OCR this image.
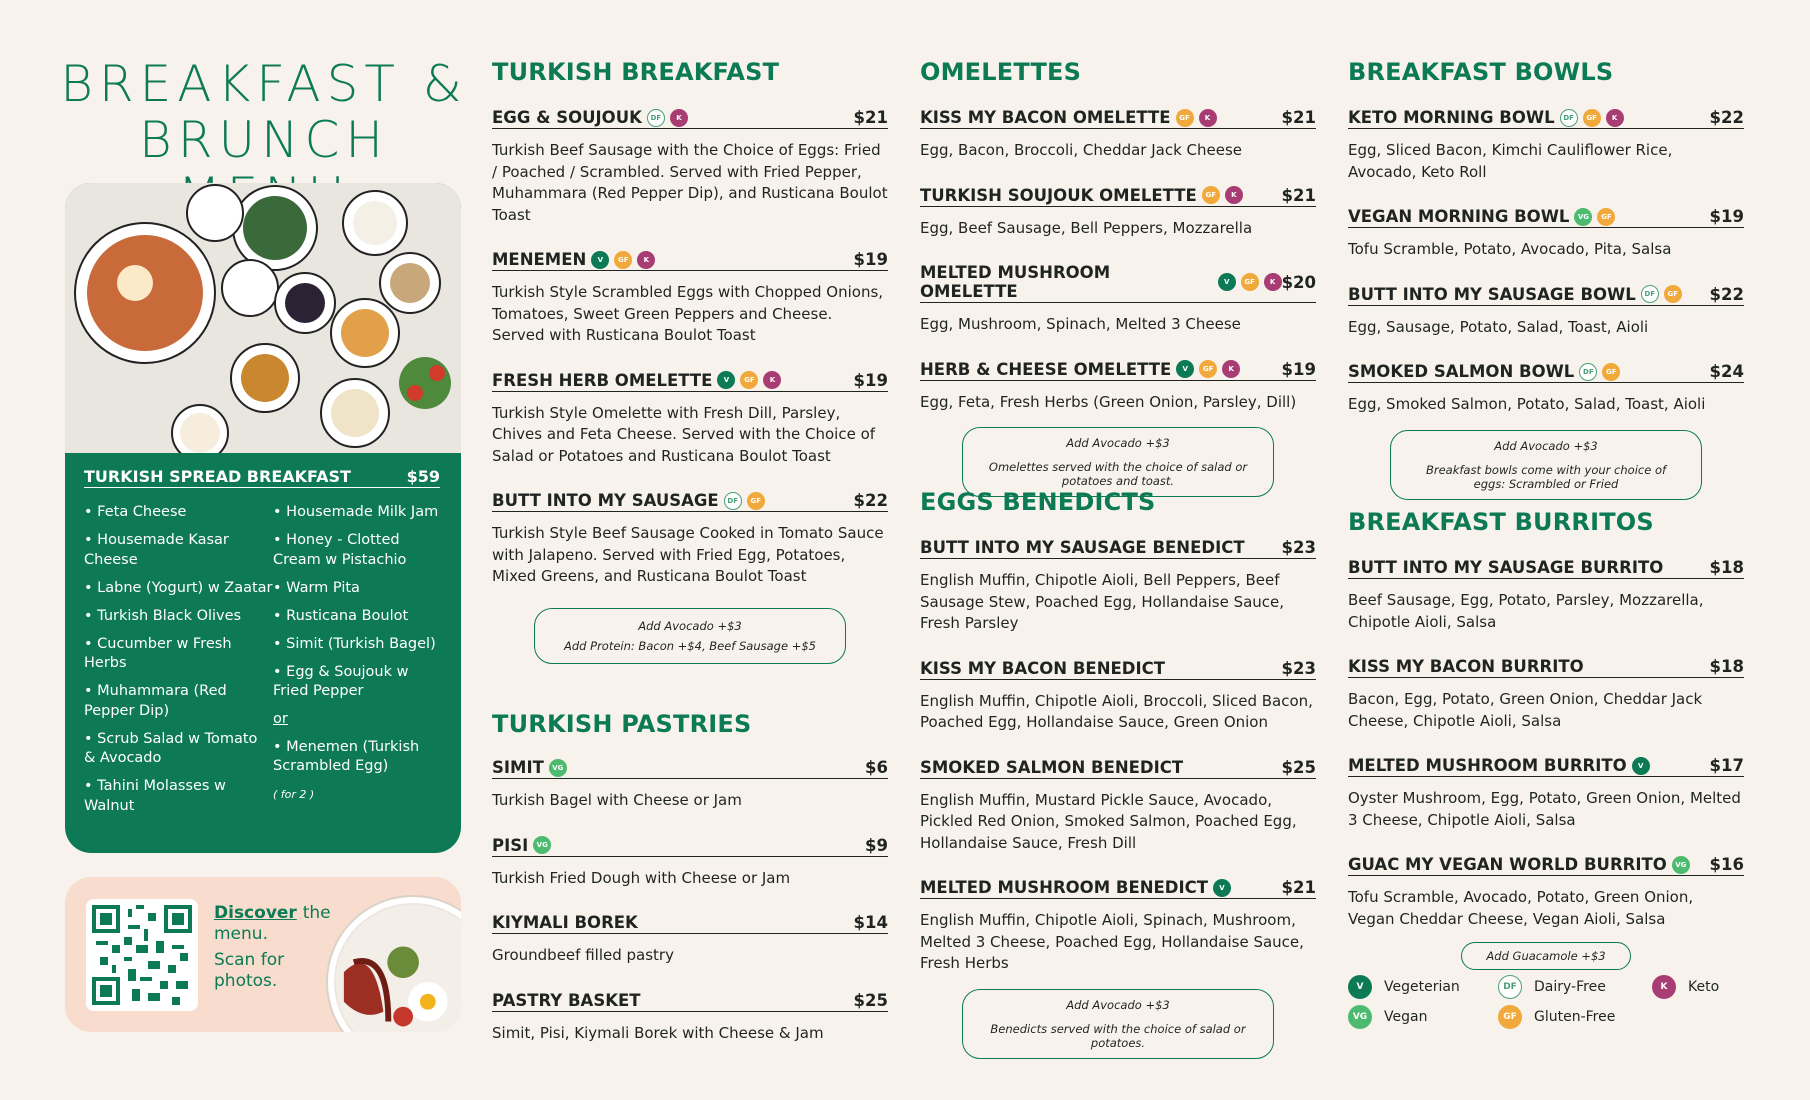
BREAKFAST &
BRUNCH
TURKISH SPREAD BREAKFAST	$59
• Feta Cheese
• Housemade Kasar Cheese
• Labne (Yogurt) w Zaatar
• Turkish Black Olives
• Cucumber w Fresh Herbs
• Muhammara (Red Pepper Dip)
• Scrub Salad w Tomato & Avocado
• Tahini Molasses w Walnut
• Housemade Milk Jam
• Honey - Clotted Cream w Pistachio
• Warm Pita
• Rusticana Boulot
• Simit (Turkish Bagel)
• Egg & Soujouk w Fried Pepper
or
• Menemen (Turkish Scrambled Egg)
( for 2 )
Discover the
menu.
Scan for photos.
TURKISH BREAKFAST
EGG & SOUJOUK	DF	K	$21
Turkish Beef Sausage with the Choice of Eggs: Fried / Poached / Scrambled. Served with Fried Pepper, Muhammara (Red Pepper Dip), and Rusticana Boulot Toast
MENEMEN	V	GF	K	$19
Turkish Style Scrambled Eggs with Chopped Onions, Tomatoes, Sweet Green Peppers and Cheese. Served with Rusticana Boulot Toast
FRESH HERB OMELETTE	V	GF	K	$19
Turkish Style Omelette with Fresh Dill, Parsley, Chives and Feta Cheese. Served with the Choice of Salad or Potatoes and Rusticana Boulot Toast
BUTT INTO MY SAUSAGE	DF	GF	$22
Turkish Style Beef Sausage Cooked in Tomato Sauce with Jalapeno. Served with Fried Egg, Potatoes, Mixed Greens, and Rusticana Boulot Toast
Add Avocado +$3
Add Protein: Bacon +$4, Beef Sausage +$5
TURKISH PASTRIES
SIMIT	VG	$6
Turkish Bagel with Cheese or Jam
PISI	VG	$9
Turkish Fried Dough with Cheese or Jam
KIYMALI BOREK	$14
Groundbeef filled pastry
PASTRY BASKET	$25
Simit, Pisi, Kiymali Borek with Cheese & Jam
OMELETTES
KISS MY BACON OMELETTE	GF	K	$21
Egg, Bacon, Broccoli, Cheddar Jack Cheese
TURKISH SOUJOUK OMELETTE	GF	K	$21
Egg, Beef Sausage, Bell Peppers, Mozzarella
MELTED MUSHROOM OMELETTE	V	GF	K $20
Egg, Mushroom, Spinach, Melted 3 Cheese
HERB & CHEESE OMELETTE	V	GF	K	$19
Egg, Feta, Fresh Herbs (Green Onion, Parsley, Dill)
Add Avocado +$3
Omelettes served with the choice of salad or potatoes and toast.
EGGS BENEDICTS
BUTT INTO MY SAUSAGE BENEDICT $23
English Muffin, Chipotle Aioli, Bell Peppers, Beef Sausage Stew, Poached Egg, Hollandaise Sauce, Fresh Parsley
KISS MY BACON BENEDICT	$23
English Muffin, Chipotle Aioli, Broccoli, Sliced Bacon, Poached Egg, Hollandaise Sauce, Green Onion
SMOKED SALMON BENEDICT	$25
English Muffin, Mustard Pickle Sauce, Avocado, Pickled Red Onion, Smoked Salmon, Poached Egg, Hollandaise Sauce, Fresh Dill
MELTED MUSHROOM BENEDICT	V	$21
English Muffin, Chipotle Aioli, Spinach, Mushroom, Melted 3 Cheese, Poached Egg, Hollandaise Sauce, Fresh Herbs
Add Avocado +$3
Benedicts served with the choice of salad or potatoes.
BREAKFAST BOWLS
KETO MORNING BOWL	DF	GF	K	$22
Egg, Sliced Bacon, Kimchi Cauliflower Rice, Avocado, Keto Roll
VEGAN MORNING BOWL	VG	GF	$19
Tofu Scramble, Potato, Avocado, Pita, Salsa
BUTT INTO MY SAUSAGE BOWL	DF	GF $22
Egg, Sausage, Potato, Salad, Toast, Aioli
SMOKED SALMON BOWL	DF	GF	$24
Egg, Smoked Salmon, Potato, Salad, Toast, Aioli
Add Avocado +$3
Breakfast bowls come with your choice of eggs: Scrambled or Fried
BREAKFAST BURRITOS
BUTT INTO MY SAUSAGE BURRITO	$18
Beef Sausage, Egg, Potato, Parsley, Mozzarella, Chipotle Aioli, Salsa
KISS MY BACON BURRITO	$18
Bacon, Egg, Potato, Green Onion, Cheddar Jack Cheese, Chipotle Aioli, Salsa
MELTED MUSHROOM BURRITO	V	$17
Oyster Mushroom, Egg, Potato, Green Onion, Melted 3 Cheese, Chipotle Aioli, Salsa
GUAC MY VEGAN WORLD BURRITO	VG $16
Tofu Scramble, Avocado, Potato, Green Onion, Vegan Cheddar Cheese, Vegan Aioli, Salsa
Add Guacamole +$3
V	Vegeterian	DF	Dairy-Free	K	Keto
VG	Vegan	GF	Gluten-Free
